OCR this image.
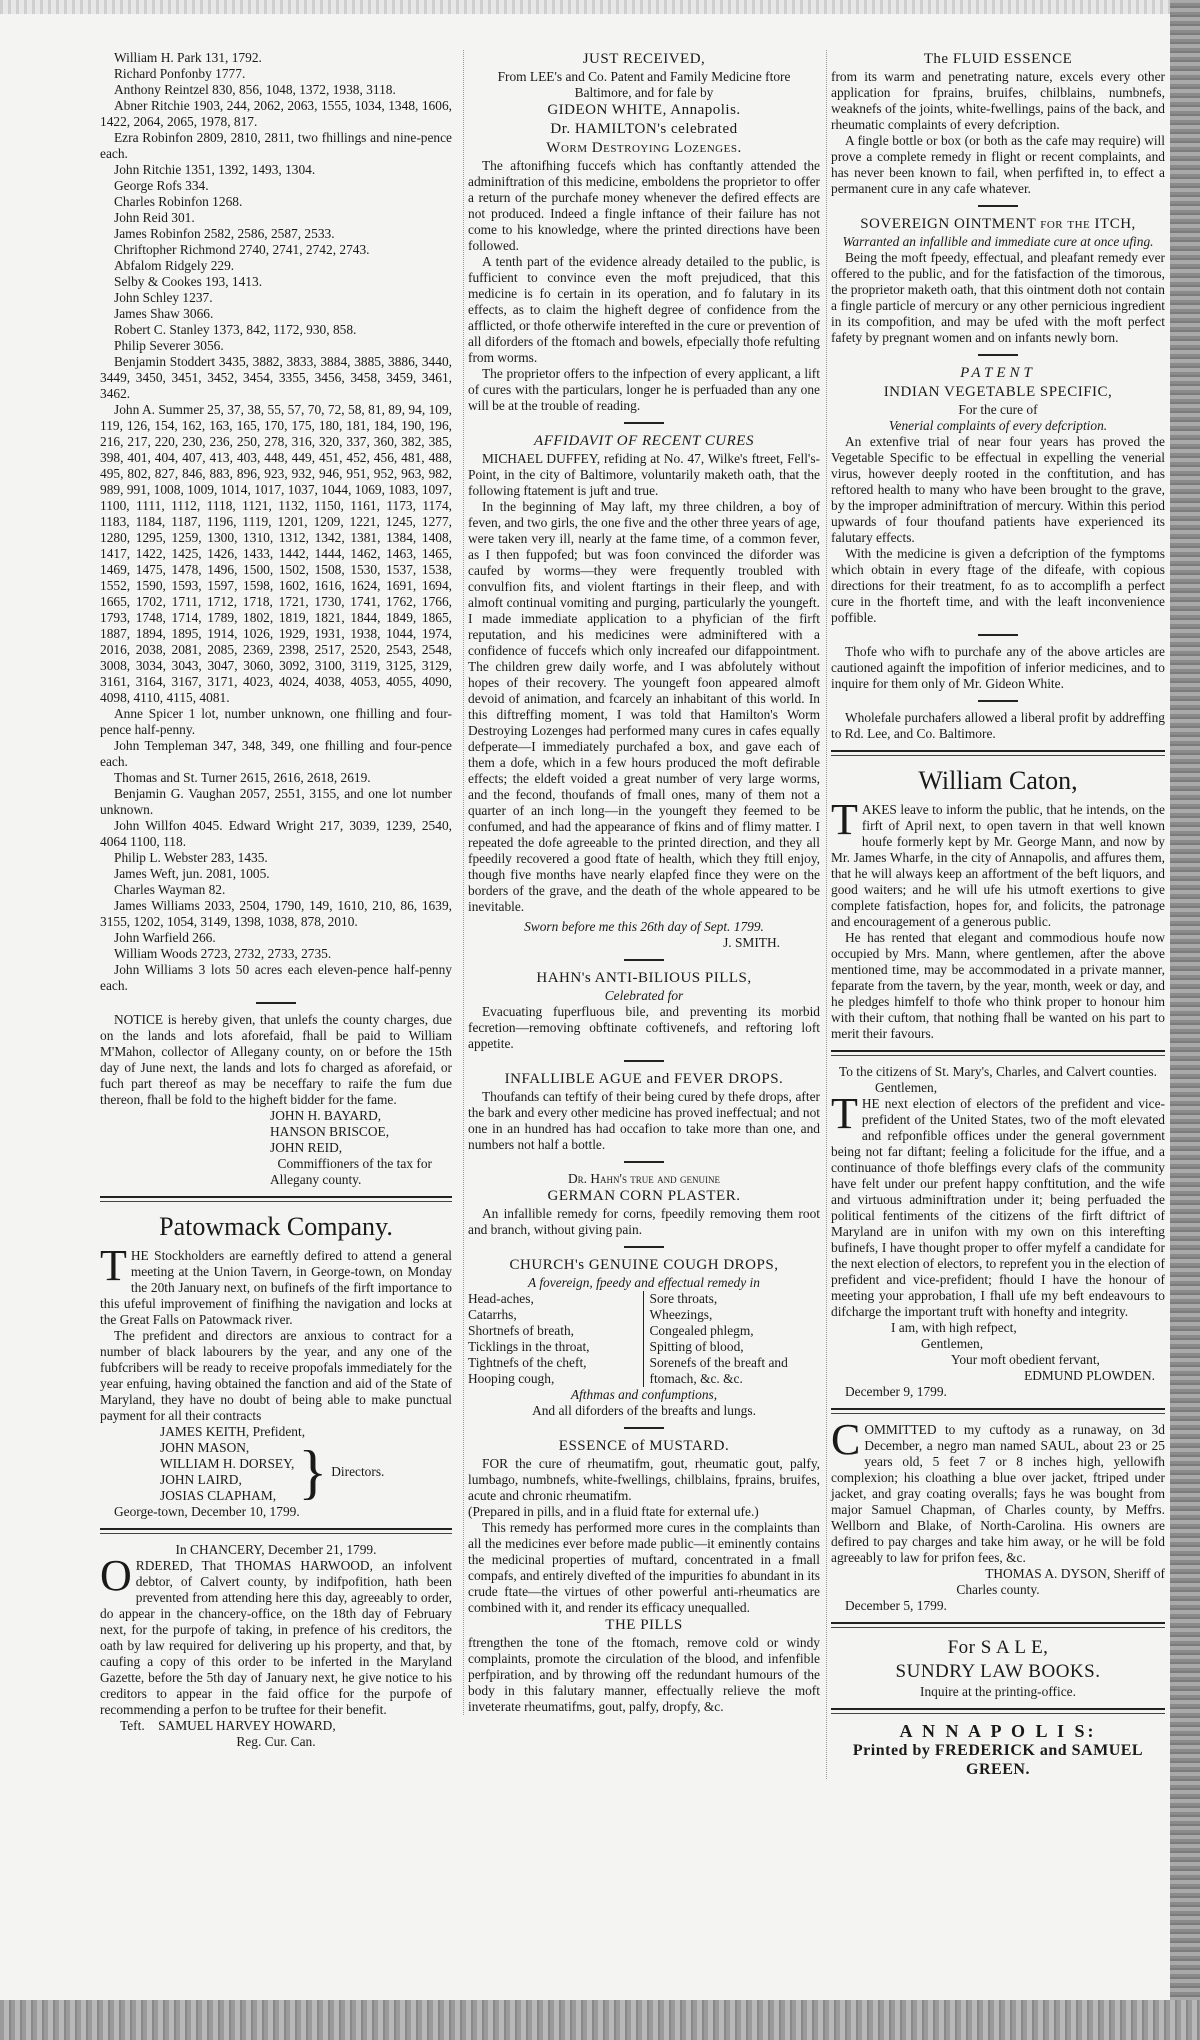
William H. Park 131, 1792.

Richard Ponfonby 1777.

Anthony Reintzel 830, 856, 1048, 1372, 1938, 3118.

Abner Ritchie 1903, 244, 2062, 2063, 1555, 1034, 1348, 1606, 1422, 2064, 2065, 1978, 817.

Ezra Robinfon 2809, 2810, 2811, two fhillings and nine-pence each.

John Ritchie 1351, 1392, 1493, 1304.

George Rofs 334.

Charles Robinfon 1268.

John Reid 301.

James Robinfon 2582, 2586, 2587, 2533.

Chriftopher Richmond 2740, 2741, 2742, 2743.

Abfalom Ridgely 229.

Selby & Cookes 193, 1413.

John Schley 1237.

James Shaw 3066.

Robert C. Stanley 1373, 842, 1172, 930, 858.

Philip Severer 3056.

Benjamin Stoddert 3435, 3882, 3833, 3884, 3885, 3886, 3440, 3449, 3450, 3451, 3452, 3454, 3355, 3456, 3458, 3459, 3461, 3462.

John A. Summer 25, 37, 38, 55, 57, 70, 72, 58, 81, 89, 94, 109, 119, 126, 154, 162, 163, 165, 170, 175, 180, 181, 184, 190, 196, 216, 217, 220, 230, 236, 250, 278, 316, 320, 337, 360, 382, 385, 398, 401, 404, 407, 413, 403, 448, 449, 451, 452, 456, 481, 488, 495, 802, 827, 846, 883, 896, 923, 932, 946, 951, 952, 963, 982, 989, 991, 1008, 1009, 1014, 1017, 1037, 1044, 1069, 1083, 1097, 1100, 1111, 1112, 1118, 1121, 1132, 1150, 1161, 1173, 1174, 1183, 1184, 1187, 1196, 1119, 1201, 1209, 1221, 1245, 1277, 1280, 1295, 1259, 1300, 1310, 1312, 1342, 1381, 1384, 1408, 1417, 1422, 1425, 1426, 1433, 1442, 1444, 1462, 1463, 1465, 1469, 1475, 1478, 1496, 1500, 1502, 1508, 1530, 1537, 1538, 1552, 1590, 1593, 1597, 1598, 1602, 1616, 1624, 1691, 1694, 1665, 1702, 1711, 1712, 1718, 1721, 1730, 1741, 1762, 1766, 1793, 1748, 1714, 1789, 1802, 1819, 1821, 1844, 1849, 1865, 1887, 1894, 1895, 1914, 1026, 1929, 1931, 1938, 1044, 1974, 2016, 2038, 2081, 2085, 2369, 2398, 2517, 2520, 2543, 2548, 3008, 3034, 3043, 3047, 3060, 3092, 3100, 3119, 3125, 3129, 3161, 3164, 3167, 3171, 4023, 4024, 4038, 4053, 4055, 4090, 4098, 4110, 4115, 4081.

Anne Spicer 1 lot, number unknown, one fhilling and four-pence half-penny.

John Templeman 347, 348, 349, one fhilling and four-pence each.

Thomas and St. Turner 2615, 2616, 2618, 2619.

Benjamin G. Vaughan 2057, 2551, 3155, and one lot number unknown.

John Willfon 4045. Edward Wright 217, 3039, 1239, 2540, 4064 1100, 118.

Philip L. Webster 283, 1435.

James Weft, jun. 2081, 1005.

Charles Wayman 82.

James Williams 2033, 2504, 1790, 149, 1610, 210, 86, 1639, 3155, 1202, 1054, 3149, 1398, 1038, 878, 2010.

John Warfield 266.

William Woods 2723, 2732, 2733, 2735.

John Williams 3 lots 50 acres each eleven-pence half-penny each.

NOTICE is hereby given, that unlefs the county charges, due on the lands and lots aforefaid, fhall be paid to William M'Mahon, collector of Allegany county, on or before the 15th day of June next, the lands and lots fo charged as aforefaid, or fuch part thereof as may be neceffary to raife the fum due thereon, fhall be fold to the higheft bidder for the fame.

JOHN H. BAYARD,

HANSON BRISCOE,

JOHN REID,

Commiffioners of the tax for

Allegany county.

Patowmack Company.

THE Stockholders are earneftly defired to attend a general meeting at the Union Tavern, in George-town, on Monday the 20th January next, on bufinefs of the firft importance to this ufeful improvement of finifhing the navigation and locks at the Great Falls on Patowmack river.

The prefident and directors are anxious to contract for a number of black labourers by the year, and any one of the fubfcribers will be ready to receive propofals immediately for the year enfuing, having obtained the fanction and aid of the State of Maryland, they have no doubt of being able to make punctual payment for all their contracts

JAMES KEITH, Prefident,

JOHN MASON,

WILLIAM H. DORSEY,

JOHN LAIRD,

JOSIAS CLAPHAM, } Directors.

George-town, December 10, 1799.

In CHANCERY, December 21, 1799.

ORDERED, That THOMAS HARWOOD, an infolvent debtor, of Calvert county, by indifpofition, hath been prevented from attending here this day, agreeably to order, do appear in the chancery-office, on the 18th day of February next, for the purpofe of taking, in prefence of his creditors, the oath by law required for delivering up his property, and that, by caufing a copy of this order to be inferted in the Maryland Gazette, before the 5th day of January next, he give notice to his creditors to appear in the faid office for the purpofe of recommending a perfon to be truftee for their benefit.

Teft. SAMUEL HARVEY HOWARD,

Reg. Cur. Can.

JUST RECEIVED,

From LEE's and Co. Patent and Family Medicine ftore Baltimore, and for fale by

GIDEON WHITE, Annapolis.
Dr. HAMILTON's celebrated
Worm Destroying Lozenges.

The aftonifhing fuccefs which has conftantly attended the adminiftration of this medicine, emboldens the proprietor to offer a return of the purchafe money whenever the defired effects are not produced. Indeed a fingle inftance of their failure has not come to his knowledge, where the printed directions have been followed.

A tenth part of the evidence already detailed to the public, is fufficient to convince even the moft prejudiced, that this medicine is fo certain in its operation, and fo falutary in its effects, as to claim the higheft degree of confidence from the afflicted, or thofe otherwife interefted in the cure or prevention of all diforders of the ftomach and bowels, efpecially thofe refulting from worms.

The proprietor offers to the infpection of every applicant, a lift of cures with the particulars, longer he is perfuaded than any one will be at the trouble of reading.

AFFIDAVIT OF RECENT CURES

MICHAEL DUFFEY, refiding at No. 47, Wilke's ftreet, Fell's-Point, in the city of Baltimore, voluntarily maketh oath, that the following ftatement is juft and true.

In the beginning of May laft, my three children, a boy of feven, and two girls, the one five and the other three years of age, were taken very ill, nearly at the fame time, of a common fever, as I then fuppofed; but was foon convinced the diforder was caufed by worms—they were frequently troubled with convulfion fits, and violent ftartings in their fleep, and with almoft continual vomiting and purging, particularly the youngeft. I made immediate application to a phyfician of the firft reputation, and his medicines were adminiftered with a confidence of fuccefs which only increafed our difappointment. The children grew daily worfe, and I was abfolutely without hopes of their recovery. The youngeft foon appeared almoft devoid of animation, and fcarcely an inhabitant of this world. In this diftreffing moment, I was told that Hamilton's Worm Destroying Lozenges had performed many cures in cafes equally defperate—I immediately purchafed a box, and gave each of them a dofe, which in a few hours produced the moft defirable effects; the eldeft voided a great number of very large worms, and the fecond, thoufands of fmall ones, many of them not a quarter of an inch long—in the youngeft they feemed to be confumed, and had the appearance of fkins and of flimy matter. I repeated the dofe agreeable to the printed direction, and they all fpeedily recovered a good ftate of health, which they ftill enjoy, though five months have nearly elapfed fince they were on the borders of the grave, and the death of the whole appeared to be inevitable.

Sworn before me this 26th day of Sept. 1799.

J. SMITH.

HAHN's ANTI-BILIOUS PILLS,

Celebrated for

Evacuating fuperfluous bile, and preventing its morbid fecretion—removing obftinate coftivenefs, and reftoring loft appetite.

INFALLIBLE AGUE and FEVER DROPS.

Thoufands can teftify of their being cured by thefe drops, after the bark and every other medicine has proved ineffectual; and not one in an hundred has had occafion to take more than one, and numbers not half a bottle.

Dr. Hahn's true and genuine

GERMAN CORN PLASTER.

An infallible remedy for corns, fpeedily removing them root and branch, without giving pain.

CHURCH's GENUINE COUGH DROPS,

A fovereign, fpeedy and effectual remedy in

Head-aches,

Catarrhs,

Shortnefs of breath,

Ticklings in the throat,

Tightnefs of the cheft,

Hooping cough,

Sore throats,

Wheezings,

Congealed phlegm,

Spitting of blood,

Sorenefs of the breaft and

ftomach, &c. &c.

Afthmas and confumptions,

And all diforders of the breafts and lungs.

ESSENCE of MUSTARD.

FOR the cure of rheumatifm, gout, rheumatic gout, palfy, lumbago, numbnefs, white-fwellings, chilblains, fprains, bruifes, acute and chronic rheumatifm.

(Prepared in pills, and in a fluid ftate for external ufe.)

This remedy has performed more cures in the complaints than all the medicines ever before made public—it eminently contains the medicinal properties of muftard, concentrated in a fmall compafs, and entirely divefted of the impurities fo abundant in its crude ftate—the virtues of other powerful anti-rheumatics are combined with it, and render its efficacy unequalled.

THE PILLS

ftrengthen the tone of the ftomach, remove cold or windy complaints, promote the circulation of the blood, and infenfible perfpiration, and by throwing off the redundant humours of the body in this falutary manner, effectually relieve the moft inveterate rheumatifms, gout, palfy, dropfy, &c.

The FLUID ESSENCE

from its warm and penetrating nature, excels every other application for fprains, bruifes, chilblains, numbnefs, weaknefs of the joints, white-fwellings, pains of the back, and rheumatic complaints of every defcription.

A fingle bottle or box (or both as the cafe may require) will prove a complete remedy in flight or recent complaints, and has never been known to fail, when perfifted in, to effect a permanent cure in any cafe whatever.

SOVEREIGN OINTMENT for the ITCH,

Warranted an infallible and immediate cure at once ufing.

Being the moft fpeedy, effectual, and pleafant remedy ever offered to the public, and for the fatisfaction of the timorous, the proprietor maketh oath, that this ointment doth not contain a fingle particle of mercury or any other pernicious ingredient in its compofition, and may be ufed with the moft perfect fafety by pregnant women and on infants newly born.

PATENT
INDIAN VEGETABLE SPECIFIC,

For the cure of

Venerial complaints of every defcription.

An extenfive trial of near four years has proved the Vegetable Specific to be effectual in expelling the venerial virus, however deeply rooted in the conftitution, and has reftored health to many who have been brought to the grave, by the improper adminiftration of mercury. Within this period upwards of four thoufand patients have experienced its falutary effects.

With the medicine is given a defcription of the fymptoms which obtain in every ftage of the difeafe, with copious directions for their treatment, fo as to accomplifh a perfect cure in the fhorteft time, and with the leaft inconvenience poffible.

Thofe who wifh to purchafe any of the above articles are cautioned againft the impofition of inferior medicines, and to inquire for them only of Mr. Gideon White.

Wholefale purchafers allowed a liberal profit by addreffing to Rd. Lee, and Co. Baltimore.

William Caton,

TAKES leave to inform the public, that he intends, on the firft of April next, to open tavern in that well known houfe formerly kept by Mr. George Mann, and now by Mr. James Wharfe, in the city of Annapolis, and affures them, that he will always keep an affortment of the beft liquors, and good waiters; and he will ufe his utmoft exertions to give complete fatisfaction, hopes for, and folicits, the patronage and encouragement of a generous public.

He has rented that elegant and commodious houfe now occupied by Mrs. Mann, where gentlemen, after the above mentioned time, may be accommodated in a private manner, feparate from the tavern, by the year, month, week or day, and he pledges himfelf to thofe who think proper to honour him with their cuftom, that nothing fhall be wanted on his part to merit their favours.

To the citizens of St. Mary's, Charles, and Calvert counties.

Gentlemen,

THE next election of electors of the prefident and vice-prefident of the United States, two of the moft elevated and refponfible offices under the general government being not far diftant; feeling a folicitude for the iffue, and a continuance of thofe bleffings every clafs of the community have felt under our prefent happy conftitution, and the wife and virtuous adminiftration under it; being perfuaded the political fentiments of the citizens of the firft diftrict of Maryland are in unifon with my own on this interefting bufinefs, I have thought proper to offer myfelf a candidate for the next election of electors, to reprefent you in the election of prefident and vice-prefident; fhould I have the honour of meeting your approbation, I fhall ufe my beft endeavours to difcharge the important truft with honefty and integrity.

I am, with high refpect,

Gentlemen,

Your moft obedient fervant,

EDMUND PLOWDEN.

December 9, 1799.

COMMITTED to my cuftody as a runaway, on 3d December, a negro man named SAUL, about 23 or 25 years old, 5 feet 7 or 8 inches high, yellowifh complexion; his cloathing a blue over jacket, ftriped under jacket, and gray coating overalls; fays he was bought from major Samuel Chapman, of Charles county, by Meffrs. Wellborn and Blake, of North-Carolina. His owners are defired to pay charges and take him away, or he will be fold agreeably to law for prifon fees, &c.

THOMAS A. DYSON, Sheriff of

Charles county.

December 5, 1799.

For S A L E,
SUNDRY LAW BOOKS.

Inquire at the printing-office.

A N N A P O L I S:
Printed by FREDERICK and SAMUEL
GREEN.
